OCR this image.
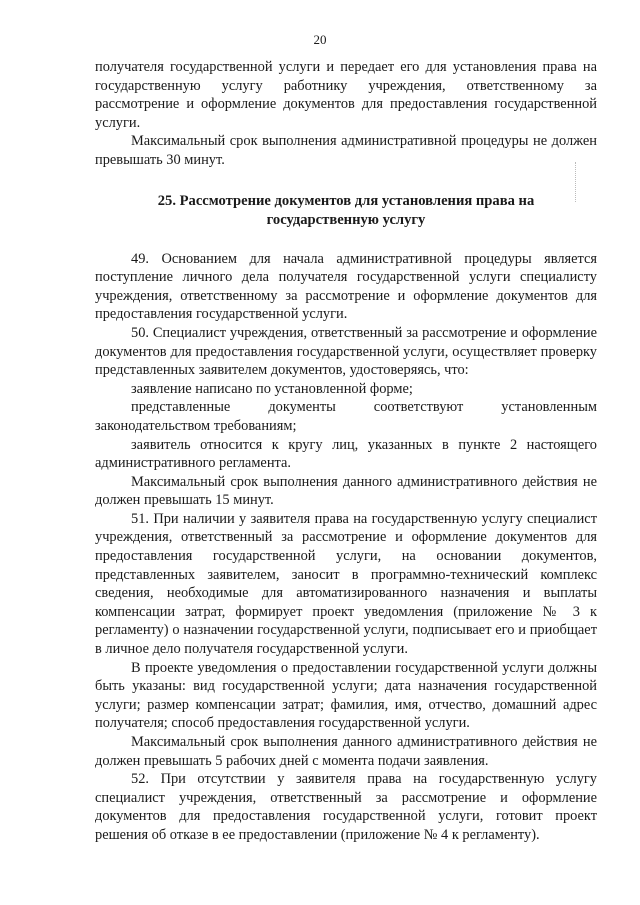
20

получателя государственной услуги и передает его для установления права на государственную услугу работнику учреждения, ответственному за рассмотрение и оформление документов для предоставления государственной услуги.

Максимальный срок выполнения административной процедуры не должен превышать 30 минут.

25. Рассмотрение документов для установления права на
государственную услугу

49. Основанием для начала административной процедуры является поступление личного дела получателя государственной услуги специалисту учреждения, ответственному за рассмотрение и оформление документов для предоставления государственной услуги.

50. Специалист учреждения, ответственный за рассмотрение и оформление документов для предоставления государственной услуги, осуществляет проверку представленных заявителем документов, удостоверяясь, что:

заявление написано по установленной форме;

представленные документы соответствуют установленным законодательством требованиям;

заявитель относится к кругу лиц, указанных в пункте 2 настоящего административного регламента.

Максимальный срок выполнения данного административного действия не должен превышать 15 минут.

51. При наличии у заявителя права на государственную услугу специалист учреждения, ответственный за рассмотрение и оформление документов для предоставления государственной услуги, на основании документов, представленных заявителем, заносит в программно-технический комплекс сведения, необходимые для автоматизированного назначения и выплаты компенсации затрат, формирует проект уведомления (приложение № 3 к регламенту) о назначении государственной услуги, подписывает его и приобщает в личное дело получателя государственной услуги.

В проекте уведомления о предоставлении государственной услуги должны быть указаны: вид государственной услуги; дата назначения государственной услуги; размер компенсации затрат; фамилия, имя, отчество, домашний адрес получателя; способ предоставления государственной услуги.

Максимальный срок выполнения данного административного действия не должен превышать 5 рабочих дней с момента подачи заявления.

52. При отсутствии у заявителя права на государственную услугу специалист учреждения, ответственный за рассмотрение и оформление документов для предоставления государственной услуги, готовит проект решения об отказе в ее предоставлении (приложение № 4 к регламенту).
